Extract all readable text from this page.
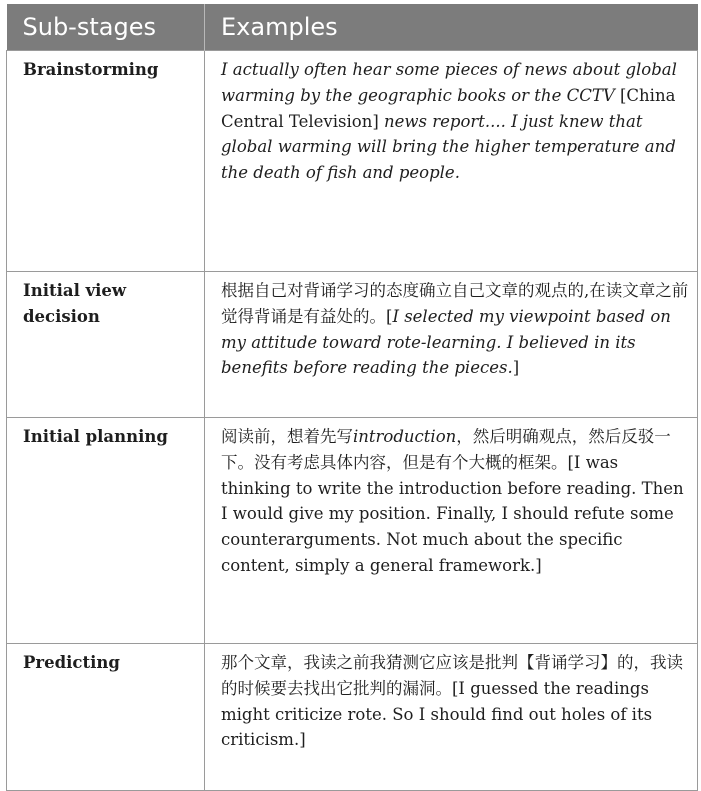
Sub-stages	Examples
Brainstorming	I actually often hear some pieces of news about global warming by the geographic books or the CCTV [China Central Television] news report.... I just knew that global warming will bring the higher temperature and the death of fish and people.
Initial view decision	根据自己对背诵学习的态度确立自己文章的观点的,在读文章之前觉得背诵是有益处的。[I selected my viewpoint based on my attitude toward rote-learning. I believed in its benefits before reading the pieces.]
Initial planning	阅读前，想着先写introduction，然后明确观点，然后反驳一下。没有考虑具体内容，但是有个大概的框架。[I was thinking to write the introduction before reading. Then I would give my position. Finally, I should refute some counterarguments. Not much about the specific content, simply a general framework.]
Predicting	那个文章，我读之前我猜测它应该是批判【背诵学习】的，我读的时候要去找出它批判的漏洞。[I guessed the readings might criticize rote. So I should find out holes of its criticism.]
